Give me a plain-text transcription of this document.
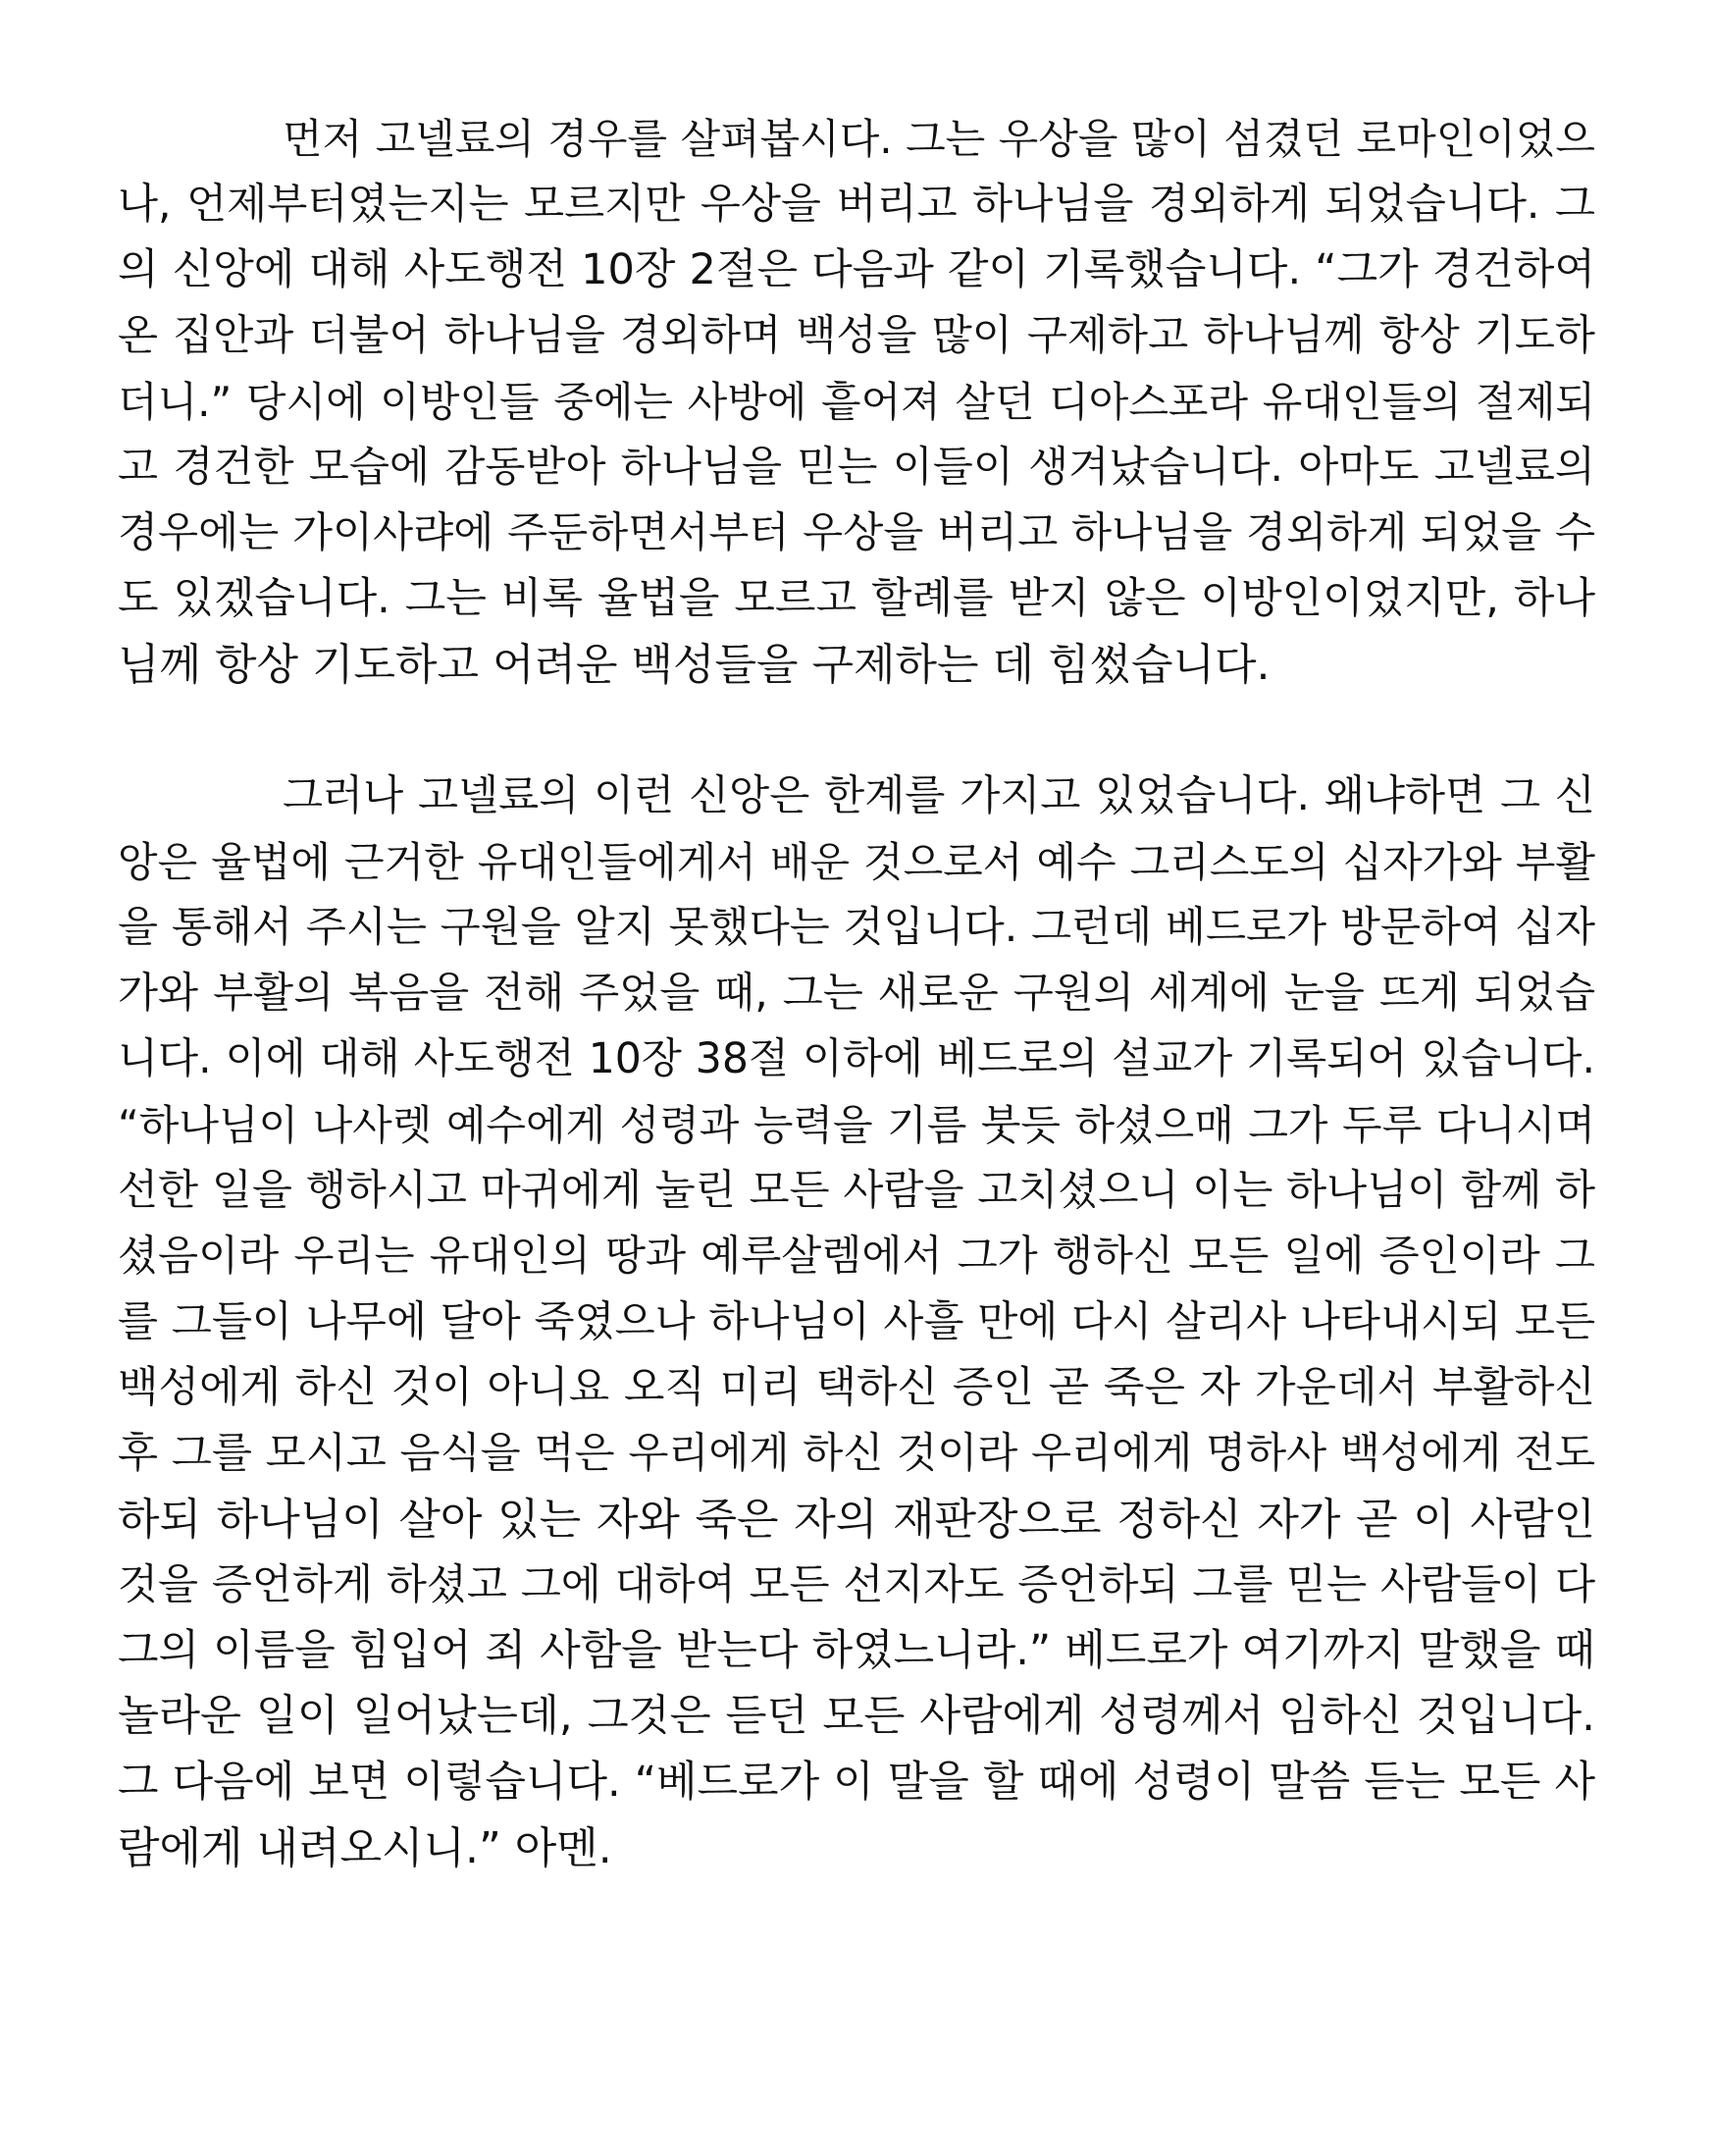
먼저 고넬료의 경우를 살펴봅시다. 그는 우상을 많이 섬겼던 로마인이었으
나, 언제부터였는지는 모르지만 우상을 버리고 하나님을 경외하게 되었습니다. 그
의 신앙에 대해 사도행전 10장 2절은 다음과 같이 기록했습니다. “그가 경건하여
온 집안과 더불어 하나님을 경외하며 백성을 많이 구제하고 하나님께 항상 기도하
더니.” 당시에 이방인들 중에는 사방에 흩어져 살던 디아스포라 유대인들의 절제되
고 경건한 모습에 감동받아 하나님을 믿는 이들이 생겨났습니다. 아마도 고넬료의
경우에는 가이사랴에 주둔하면서부터 우상을 버리고 하나님을 경외하게 되었을 수
도 있겠습니다. 그는 비록 율법을 모르고 할례를 받지 않은 이방인이었지만, 하나
님께 항상 기도하고 어려운 백성들을 구제하는 데 힘썼습니다.
그러나 고넬료의 이런 신앙은 한계를 가지고 있었습니다. 왜냐하면 그 신
앙은 율법에 근거한 유대인들에게서 배운 것으로서 예수 그리스도의 십자가와 부활
을 통해서 주시는 구원을 알지 못했다는 것입니다. 그런데 베드로가 방문하여 십자
가와 부활의 복음을 전해 주었을 때, 그는 새로운 구원의 세계에 눈을 뜨게 되었습
니다. 이에 대해 사도행전 10장 38절 이하에 베드로의 설교가 기록되어 있습니다.
“하나님이 나사렛 예수에게 성령과 능력을 기름 붓듯 하셨으매 그가 두루 다니시며
선한 일을 행하시고 마귀에게 눌린 모든 사람을 고치셨으니 이는 하나님이 함께 하
셨음이라 우리는 유대인의 땅과 예루살렘에서 그가 행하신 모든 일에 증인이라 그
를 그들이 나무에 달아 죽였으나 하나님이 사흘 만에 다시 살리사 나타내시되 모든
백성에게 하신 것이 아니요 오직 미리 택하신 증인 곧 죽은 자 가운데서 부활하신
후 그를 모시고 음식을 먹은 우리에게 하신 것이라 우리에게 명하사 백성에게 전도
하되 하나님이 살아 있는 자와 죽은 자의 재판장으로 정하신 자가 곧 이 사람인
것을 증언하게 하셨고 그에 대하여 모든 선지자도 증언하되 그를 믿는 사람들이 다
그의 이름을 힘입어 죄 사함을 받는다 하였느니라.” 베드로가 여기까지 말했을 때
놀라운 일이 일어났는데, 그것은 듣던 모든 사람에게 성령께서 임하신 것입니다.
그 다음에 보면 이렇습니다. “베드로가 이 말을 할 때에 성령이 말씀 듣는 모든 사
람에게 내려오시니.” 아멘.
